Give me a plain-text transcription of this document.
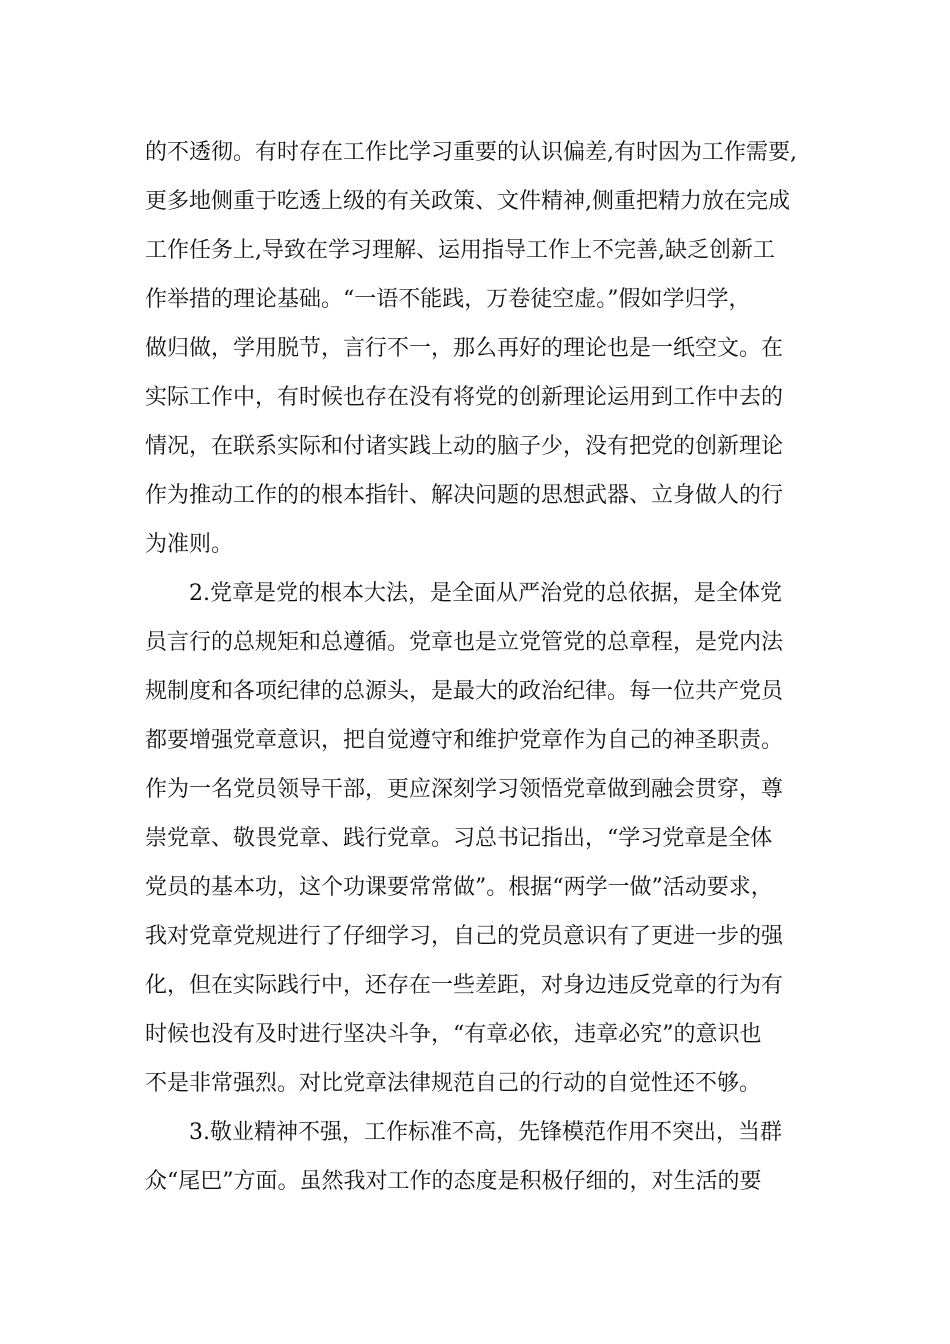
的不透彻。有时存在工作比学习重要的认识偏差,有时因为工作需要,
更多地侧重于吃透上级的有关政策、文件精神,侧重把精力放在完成
工作任务上,导致在学习理解、运用指导工作上不完善,缺乏创新工
作举措的理论基础。“一语不能践，万卷徒空虚。”假如学归学，
做归做，学用脱节，言行不一，那么再好的理论也是一纸空文。在
实际工作中，有时候也存在没有将党的创新理论运用到工作中去的
情况，在联系实际和付诸实践上动的脑子少，没有把党的创新理论
作为推动工作的的根本指针、解决问题的思想武器、立身做人的行
为准则。
2.党章是党的根本大法，是全面从严治党的总依据，是全体党
员言行的总规矩和总遵循。党章也是立党管党的总章程，是党内法
规制度和各项纪律的总源头，是最大的政治纪律。每一位共产党员
都要增强党章意识，把自觉遵守和维护党章作为自己的神圣职责。
作为一名党员领导干部，更应深刻学习领悟党章做到融会贯穿，尊
崇党章、敬畏党章、践行党章。习总书记指出，“学习党章是全体
党员的基本功，这个功课要常常做”。根据“两学一做”活动要求，
我对党章党规进行了仔细学习，自己的党员意识有了更进一步的强
化，但在实际践行中，还存在一些差距，对身边违反党章的行为有
时候也没有及时进行坚决斗争，“有章必依，违章必究”的意识也
不是非常强烈。对比党章法律规范自己的行动的自觉性还不够。
3.敬业精神不强，工作标准不高，先锋模范作用不突出，当群
众“尾巴”方面。虽然我对工作的态度是积极仔细的，对生活的要
